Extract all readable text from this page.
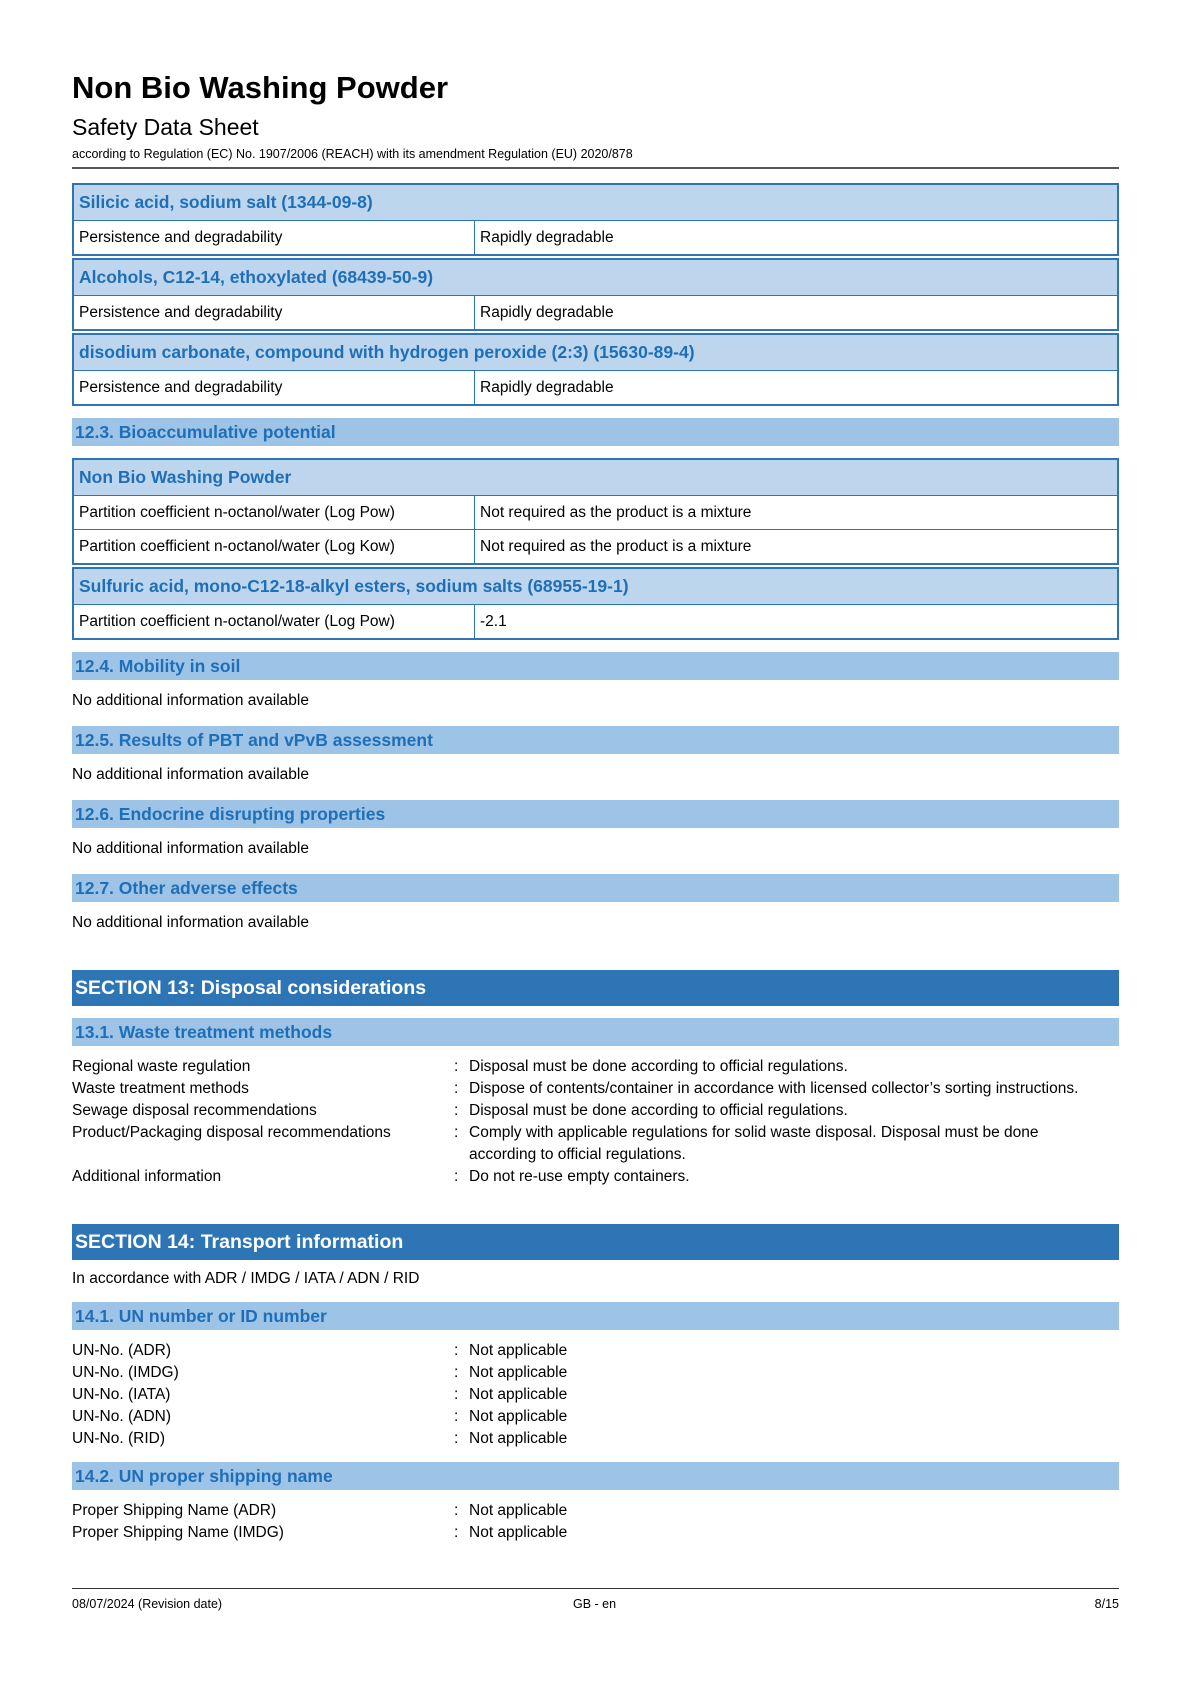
Non Bio Washing Powder
Safety Data Sheet
according to Regulation (EC) No. 1907/2006 (REACH) with its amendment Regulation (EU) 2020/878
Silicic acid, sodium salt (1344-09-8)
Persistence and degradability	Rapidly degradable
Alcohols, C12-14, ethoxylated (68439-50-9)
Persistence and degradability	Rapidly degradable
disodium carbonate, compound with hydrogen peroxide (2:3) (15630-89-4)
Persistence and degradability	Rapidly degradable
12.3. Bioaccumulative potential
Non Bio Washing Powder
Partition coefficient n-octanol/water (Log Pow)	Not required as the product is a mixture
Partition coefficient n-octanol/water (Log Kow)	Not required as the product is a mixture
Sulfuric acid, mono-C12-18-alkyl esters, sodium salts (68955-19-1)
Partition coefficient n-octanol/water (Log Pow)	-2.1
12.4. Mobility in soil
No additional information available
12.5. Results of PBT and vPvB assessment
No additional information available
12.6. Endocrine disrupting properties
No additional information available
12.7. Other adverse effects
No additional information available
SECTION 13: Disposal considerations
13.1. Waste treatment methods
Regional waste regulation	: Disposal must be done according to official regulations.
Waste treatment methods	: Dispose of contents/container in accordance with licensed collector’s sorting instructions.
Sewage disposal recommendations	: Disposal must be done according to official regulations.
Product/Packaging disposal recommendations	: Comply with applicable regulations for solid waste disposal. Disposal must be done according to official regulations.
Additional information	: Do not re-use empty containers.
SECTION 14: Transport information
In accordance with ADR / IMDG / IATA / ADN / RID
14.1. UN number or ID number
UN-No. (ADR)	: Not applicable
UN-No. (IMDG)	: Not applicable
UN-No. (IATA)	: Not applicable
UN-No. (ADN)	: Not applicable
UN-No. (RID)	: Not applicable
14.2. UN proper shipping name
Proper Shipping Name (ADR)	: Not applicable
Proper Shipping Name (IMDG)	: Not applicable
08/07/2024 (Revision date)	GB - en	8/15
